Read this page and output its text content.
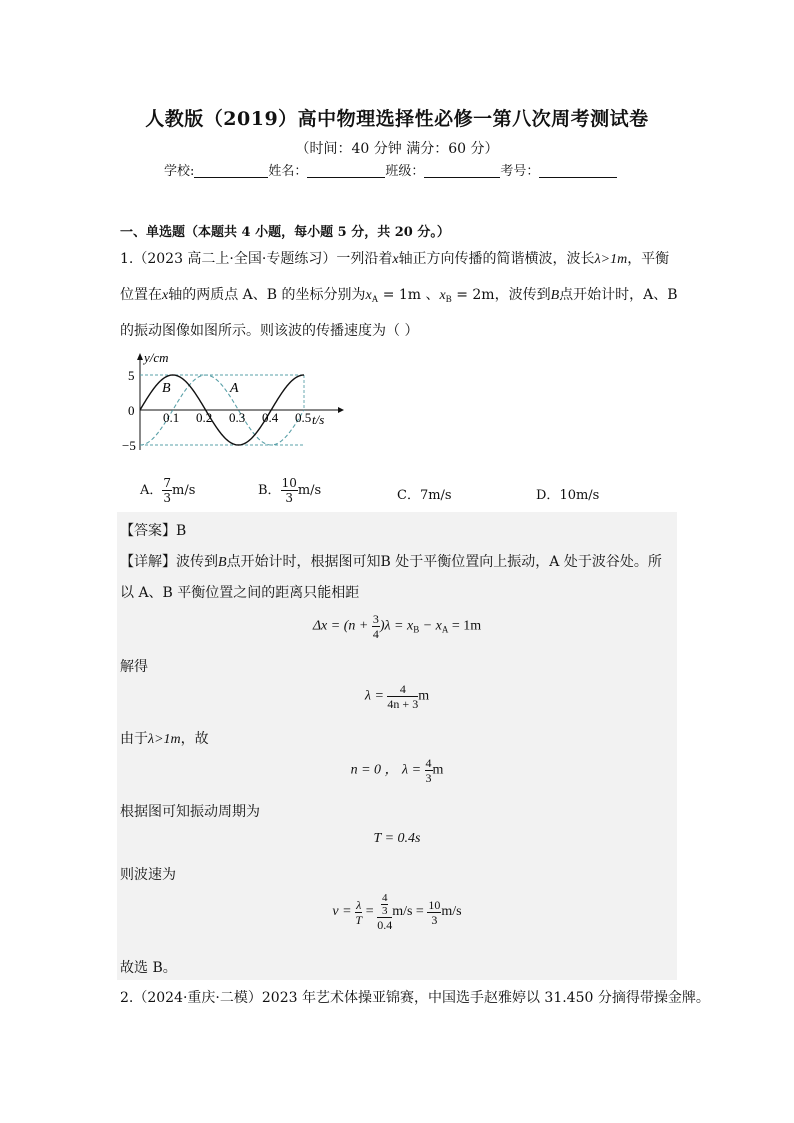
人教版（2019）高中物理选择性必修一第八次周考测试卷
（时间：40 分钟 满分：60 分）
学校:	姓名：	班级：	考号：
一、单选题（本题共 4 小题，每小题 5 分，共 20 分。）
1.（2023 高二上·全国·专题练习）一列沿着x轴正方向传播的简谐横波，波长λ>1m，平衡
位置在x轴的两质点 A、B 的坐标分别为$x_A = 1m$ 、$x_B = 2m$，波传到B点开始计时，A、B
的振动图像如图所示。则该波的传播速度为（ ）
y/cm
t/s
5
0
−5
0.1 0.2 0.3 0.4 0.5
B	A
A． $\frac{7}{3} m/s$	B． $\frac{10}{3} m/s$	C．7m/s	D．10m/s
【答案】B
【详解】波传到B点开始计时，根据图可知B 处于平衡位置向上振动，A 处于波谷处。所
以 A、B 平衡位置之间的距离只能相距
$\Delta x = (n + \frac{3}{4} )\lambda = x_B - x_A = 1m$
解得
$\lambda = \frac{4}{4n + 3}$ m
由于λ>1m，故
n = 0 ， $\lambda = \frac{4}{3}$ m
根据图可知振动周期为
T = 0.4s
则波速为
$v = \frac{\lambda}{T} = \frac{\frac{4}{3}}{0.4} m/s = \frac{10}{3} m/s$
故选 B。
2.（2024·重庆·二模）2023 年艺术体操亚锦赛，中国选手赵雅婷以 31.450 分摘得带操金牌。
